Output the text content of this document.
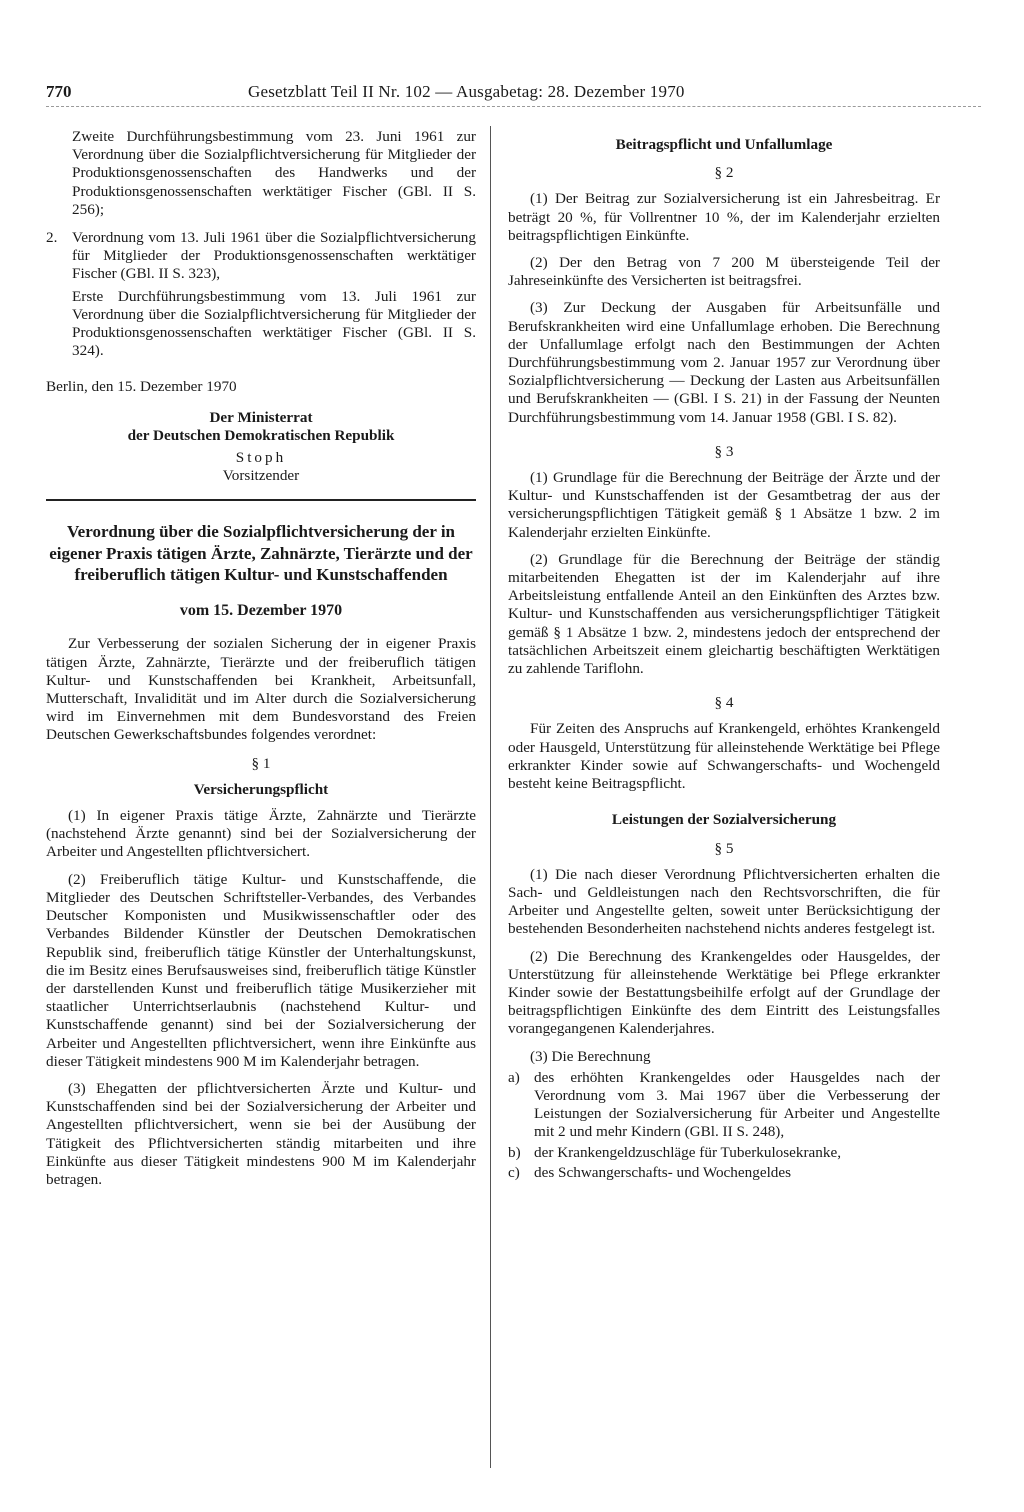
770	Gesetzblatt Teil II Nr. 102 — Ausgabetag: 28. Dezember 1970

Zweite Durchführungsbestimmung vom 23. Juni 1961 zur Verordnung über die Sozialpflichtversicherung für Mitglieder der Produktionsgenossenschaften des Handwerks und der Produktionsgenossenschaften werktätiger Fischer (GBl. II S. 256);

2. Verordnung vom 13. Juli 1961 über die Sozialpflichtversicherung für Mitglieder der Produktionsgenossenschaften werktätiger Fischer (GBl. II S. 323),

Erste Durchführungsbestimmung vom 13. Juli 1961 zur Verordnung über die Sozialpflichtversicherung für Mitglieder der Produktionsgenossenschaften werktätiger Fischer (GBl. II S. 324).

Berlin, den 15. Dezember 1970

Der Ministerrat
der Deutschen Demokratischen Republik
Stoph
Vorsitzender
Verordnung über die Sozialpflichtversicherung der in eigener Praxis tätigen Ärzte, Zahnärzte, Tierärzte und der freiberuflich tätigen Kultur- und Kunstschaffenden
vom 15. Dezember 1970

Zur Verbesserung der sozialen Sicherung der in eigener Praxis tätigen Ärzte, Zahnärzte, Tierärzte und der freiberuflich tätigen Kultur- und Kunstschaffenden bei Krankheit, Arbeitsunfall, Mutterschaft, Invalidität und im Alter durch die Sozialversicherung wird im Einvernehmen mit dem Bundesvorstand des Freien Deutschen Gewerkschaftsbundes folgendes verordnet:

§ 1
Versicherungspflicht

(1) In eigener Praxis tätige Ärzte, Zahnärzte und Tierärzte (nachstehend Ärzte genannt) sind bei der Sozialversicherung der Arbeiter und Angestellten pflichtversichert.

(2) Freiberuflich tätige Kultur- und Kunstschaffende, die Mitglieder des Deutschen Schriftsteller-Verbandes, des Verbandes Deutscher Komponisten und Musikwissenschaftler oder des Verbandes Bildender Künstler der Deutschen Demokratischen Republik sind, freiberuflich tätige Künstler der Unterhaltungskunst, die im Besitz eines Berufsausweises sind, freiberuflich tätige Künstler der darstellenden Kunst und freiberuflich tätige Musikerzieher mit staatlicher Unterrichtserlaubnis (nachstehend Kultur- und Kunstschaffende genannt) sind bei der Sozialversicherung der Arbeiter und Angestellten pflichtversichert, wenn ihre Einkünfte aus dieser Tätigkeit mindestens 900 M im Kalenderjahr betragen.

(3) Ehegatten der pflichtversicherten Ärzte und Kultur- und Kunstschaffenden sind bei der Sozialversicherung der Arbeiter und Angestellten pflichtversichert, wenn sie bei der Ausübung der Tätigkeit des Pflichtversicherten ständig mitarbeiten und ihre Einkünfte aus dieser Tätigkeit mindestens 900 M im Kalenderjahr betragen.

Beitragspflicht und Unfallumlage
§ 2

(1) Der Beitrag zur Sozialversicherung ist ein Jahresbeitrag. Er beträgt 20 %, für Vollrentner 10 %, der im Kalenderjahr erzielten beitragspflichtigen Einkünfte.

(2) Der den Betrag von 7 200 M übersteigende Teil der Jahreseinkünfte des Versicherten ist beitragsfrei.

(3) Zur Deckung der Ausgaben für Arbeitsunfälle und Berufskrankheiten wird eine Unfallumlage erhoben. Die Berechnung der Unfallumlage erfolgt nach den Bestimmungen der Achten Durchführungsbestimmung vom 2. Januar 1957 zur Verordnung über Sozialpflichtversicherung — Deckung der Lasten aus Arbeitsunfällen und Berufskrankheiten — (GBl. I S. 21) in der Fassung der Neunten Durchführungsbestimmung vom 14. Januar 1958 (GBl. I S. 82).

§ 3

(1) Grundlage für die Berechnung der Beiträge der Ärzte und der Kultur- und Kunstschaffenden ist der Gesamtbetrag der aus der versicherungspflichtigen Tätigkeit gemäß § 1 Absätze 1 bzw. 2 im Kalenderjahr erzielten Einkünfte.

(2) Grundlage für die Berechnung der Beiträge der ständig mitarbeitenden Ehegatten ist der im Kalenderjahr auf ihre Arbeitsleistung entfallende Anteil an den Einkünften des Arztes bzw. Kultur- und Kunstschaffenden aus versicherungspflichtiger Tätigkeit gemäß § 1 Absätze 1 bzw. 2, mindestens jedoch der entsprechend der tatsächlichen Arbeitszeit einem gleichartig beschäftigten Werktätigen zu zahlende Tariflohn.

§ 4

Für Zeiten des Anspruchs auf Krankengeld, erhöhtes Krankengeld oder Hausgeld, Unterstützung für alleinstehende Werktätige bei Pflege erkrankter Kinder sowie auf Schwangerschafts- und Wochengeld besteht keine Beitragspflicht.

Leistungen der Sozialversicherung
§ 5

(1) Die nach dieser Verordnung Pflichtversicherten erhalten die Sach- und Geldleistungen nach den Rechtsvorschriften, die für Arbeiter und Angestellte gelten, soweit unter Berücksichtigung der bestehenden Besonderheiten nachstehend nichts anderes festgelegt ist.

(2) Die Berechnung des Krankengeldes oder Hausgeldes, der Unterstützung für alleinstehende Werktätige bei Pflege erkrankter Kinder sowie der Bestattungsbeihilfe erfolgt auf der Grundlage der beitragspflichtigen Einkünfte des dem Eintritt des Leistungsfalles vorangegangenen Kalenderjahres.

(3) Die Berechnung

a) des erhöhten Krankengeldes oder Hausgeldes nach der Verordnung vom 3. Mai 1967 über die Verbesserung der Leistungen der Sozialversicherung für Arbeiter und Angestellte mit 2 und mehr Kindern (GBl. II S. 248),
b) der Krankengeldzuschläge für Tuberkulosekranke,
c) des Schwangerschafts- und Wochengeldes
